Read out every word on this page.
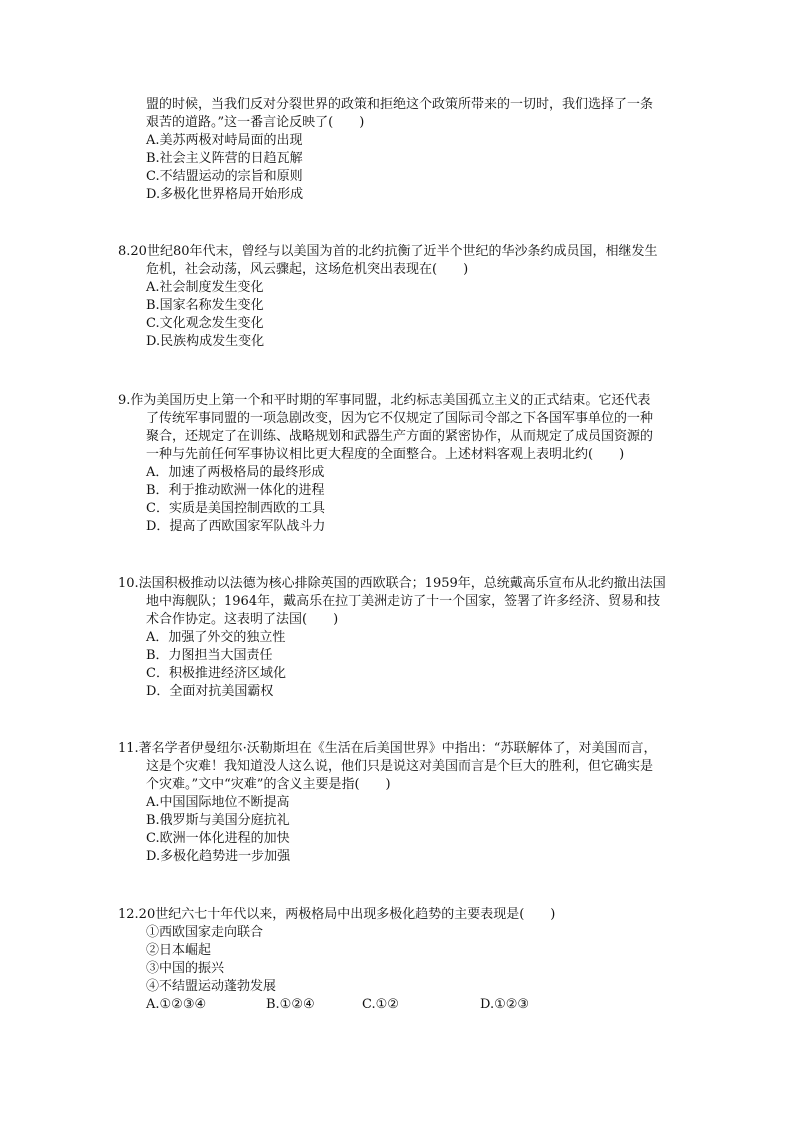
盟的时候，当我们反对分裂世界的政策和拒绝这个政策所带来的一切时，我们选择了一条
艰苦的道路。”这一番言论反映了(　　)
A.美苏两极对峙局面的出现
B.社会主义阵营的日趋瓦解
C.不结盟运动的宗旨和原则
D.多极化世界格局开始形成
8.20世纪80年代末，曾经与以美国为首的北约抗衡了近半个世纪的华沙条约成员国，相继发生
危机，社会动荡，风云骤起，这场危机突出表现在(　　)
A.社会制度发生变化
B.国家名称发生变化
C.文化观念发生变化
D.民族构成发生变化
9.作为美国历史上第一个和平时期的军事同盟，北约标志美国孤立主义的正式结束。它还代表
了传统军事同盟的一项急剧改变，因为它不仅规定了国际司令部之下各国军事单位的一种
聚合，还规定了在训练、战略规划和武器生产方面的紧密协作，从而规定了成员国资源的
一种与先前任何军事协议相比更大程度的全面整合。上述材料客观上表明北约(　　)
A．加速了两极格局的最终形成
B．利于推动欧洲一体化的进程
C．实质是美国控制西欧的工具
D．提高了西欧国家军队战斗力
10.法国积极推动以法德为核心排除英国的西欧联合；1959年，总统戴高乐宣布从北约撤出法国
地中海舰队；1964年，戴高乐在拉丁美洲走访了十一个国家，签署了许多经济、贸易和技
术合作协定。这表明了法国(　　)
A．加强了外交的独立性
B．力图担当大国责任
C．积极推进经济区域化
D．全面对抗美国霸权
11.著名学者伊曼纽尔·沃勒斯坦在《生活在后美国世界》中指出：“苏联解体了，对美国而言，
这是个灾难！我知道没人这么说，他们只是说这对美国而言是个巨大的胜利，但它确实是
个灾难。”文中“灾难”的含义主要是指(　　)
A.中国国际地位不断提高
B.俄罗斯与美国分庭抗礼
C.欧洲一体化进程的加快
D.多极化趋势进一步加强
12.20世纪六七十年代以来，两极格局中出现多极化趋势的主要表现是(　　)
①西欧国家走向联合
②日本崛起
③中国的振兴
④不结盟运动蓬勃发展
A.①②③④	B.①②④	C.①②	D.①②③
